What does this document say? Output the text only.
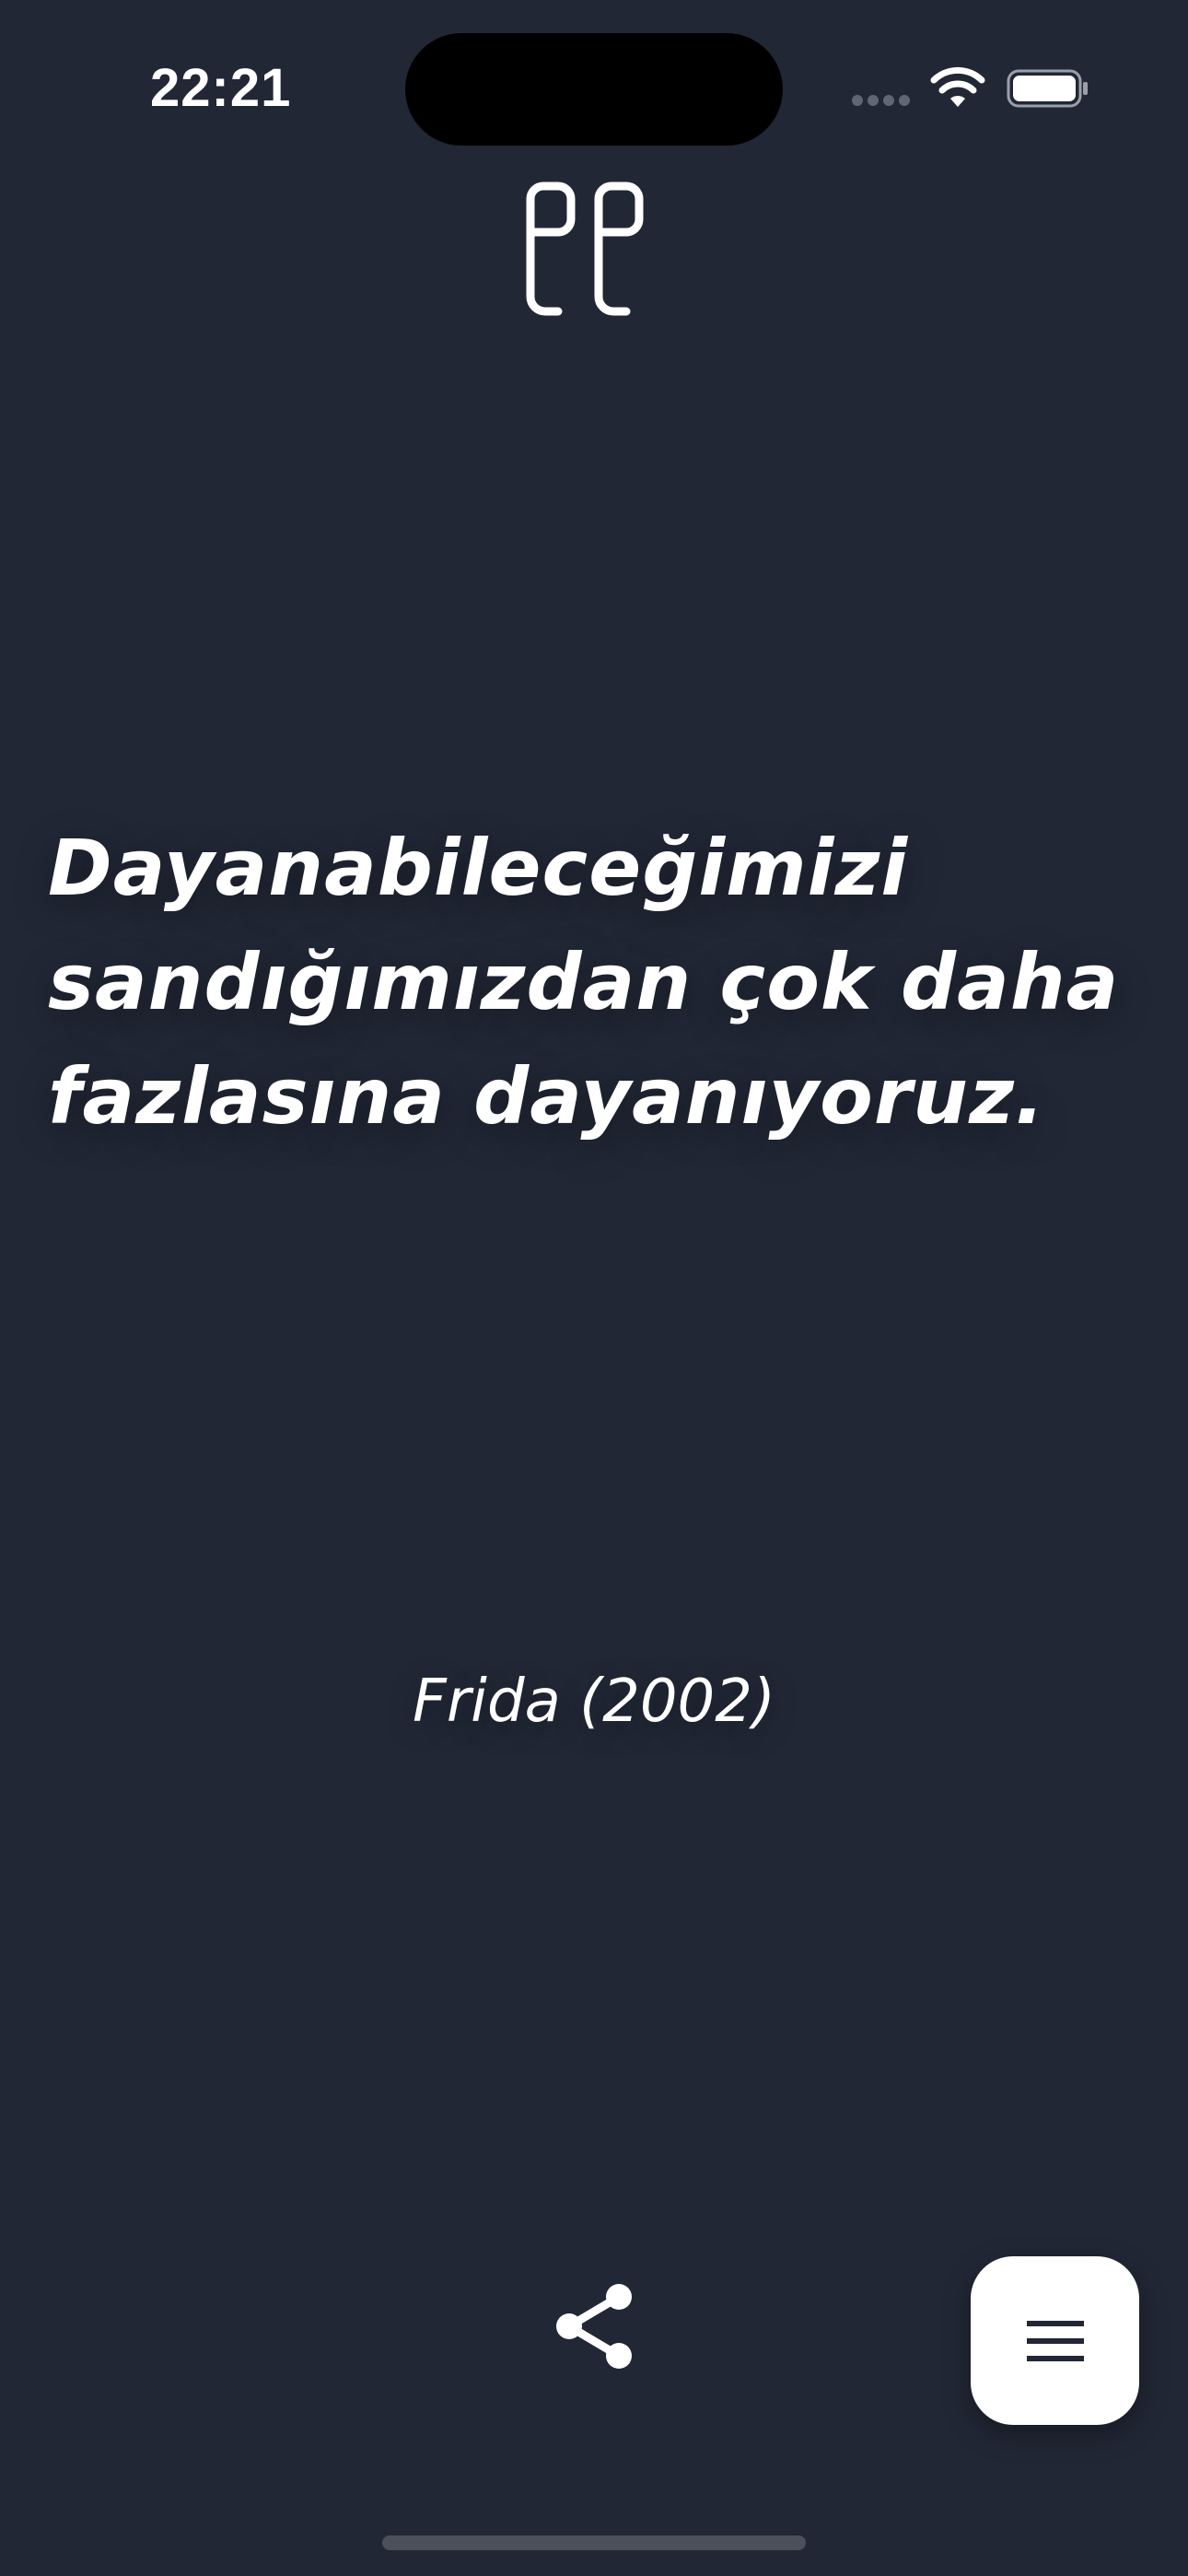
22:21
Dayanabileceğimizi sandığımızdan çok daha fazlasına dayanıyoruz.
Frida (2002)
